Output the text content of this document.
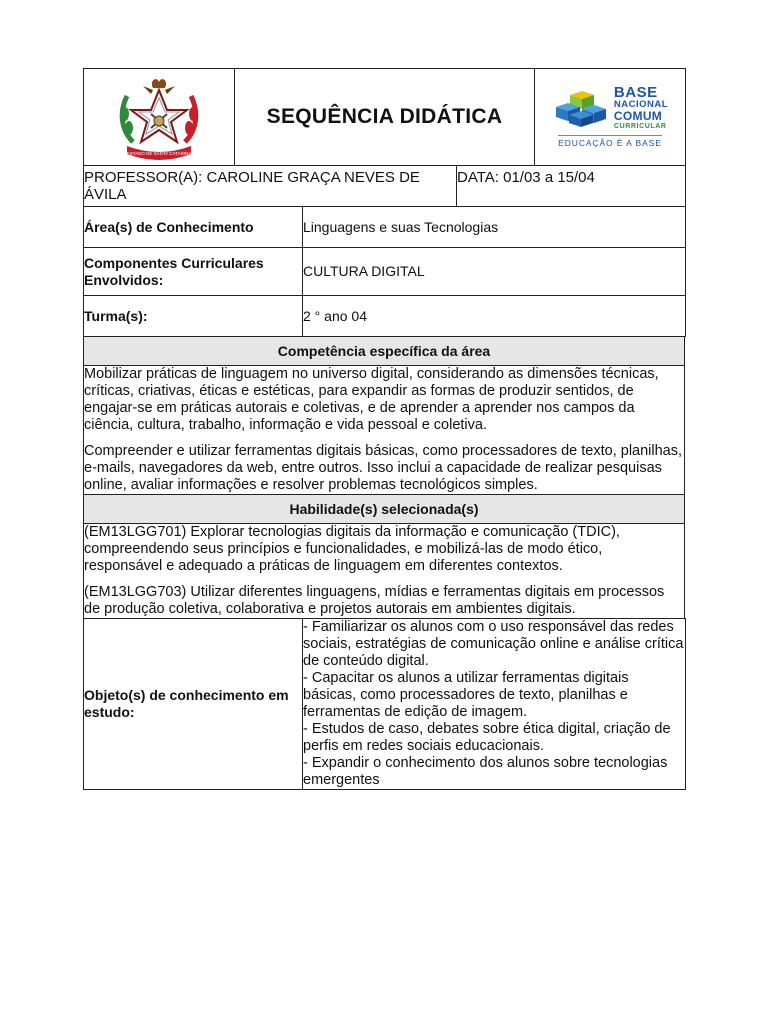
ESTADO DE SANTA CATARINA
	SEQUÊNCIA DIDÁTICA	
BASE
NACIONAL
COMUM
CURRICULAR
EDUCAÇÃO É A BASE
PROFESSOR(A): CAROLINE GRAÇA NEVES DE ÁVILA	DATA: 01/03 a 15/04
Área(s) de Conhecimento	Linguagens e suas Tecnologias
Componentes Curriculares Envolvidos:	CULTURA DIGITAL
Turma(s):	2 ° ano 04
Competência específica da área

Mobilizar práticas de linguagem no universo digital, considerando as dimensões técnicas, críticas, criativas, éticas e estéticas, para expandir as formas de produzir sentidos, de engajar-se em práticas autorais e coletivas, e de aprender a aprender nos campos da ciência, cultura, trabalho, informação e vida pessoal e coletiva.

Compreender e utilizar ferramentas digitais básicas, como processadores de texto, planilhas, e-mails, navegadores da web, entre outros. Isso inclui a capacidade de realizar pesquisas online, avaliar informações e resolver problemas tecnológicos simples.

Habilidade(s) selecionada(s)

(EM13LGG701) Explorar tecnologias digitais da informação e comunicação (TDIC), compreendendo seus princípios e funcionalidades, e mobilizá-las de modo ético, responsável e adequado a práticas de linguagem em diferentes contextos.

(EM13LGG703) Utilizar diferentes linguagens, mídias e ferramentas digitais em processos de produção coletiva, colaborativa e projetos autorais em ambientes digitais.

Objeto(s) de conhecimento em estudo:	
- Familiarizar os alunos com o uso responsável das redes sociais, estratégias de comunicação online e análise crítica de conteúdo digital.
- Capacitar os alunos a utilizar ferramentas digitais básicas, como processadores de texto, planilhas e ferramentas de edição de imagem.
- Estudos de caso, debates sobre ética digital, criação de perfis em redes sociais educacionais.
- Expandir o conhecimento dos alunos sobre tecnologias emergentes
